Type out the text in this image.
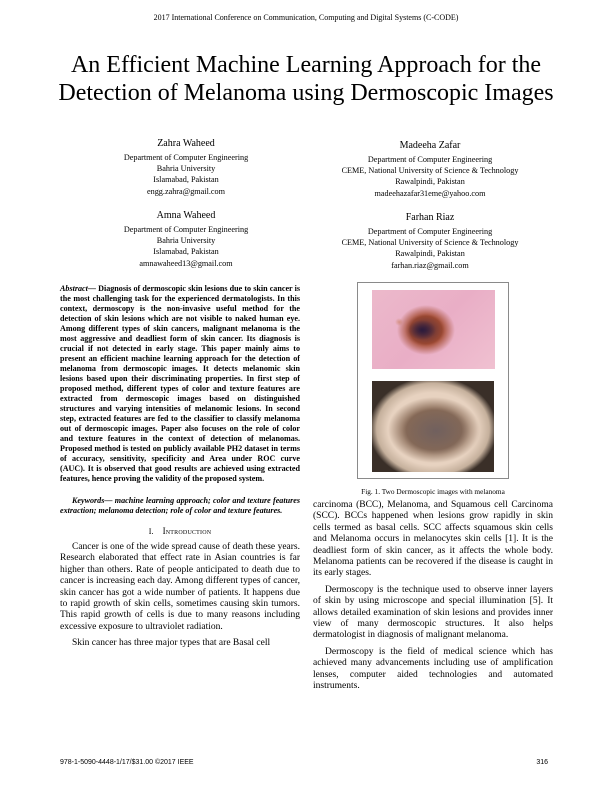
2017 International Conference on Communication, Computing and Digital Systems (C-CODE)
An Efficient Machine Learning Approach for the
Detection of Melanoma using Dermoscopic Images
Zahra Waheed
Department of Computer Engineering
Bahria University
Islamabad, Pakistan
engg.zahra@gmail.com
Amna Waheed
Department of Computer Engineering
Bahria University
Islamabad, Pakistan
amnawaheed13@gmail.com
Madeeha Zafar
Department of Computer Engineering
CEME, National University of Science & Technology
Rawalpindi, Pakistan
madeehazafar31eme@yahoo.com
Farhan Riaz
Department of Computer Engineering
CEME, National University of Science & Technology
Rawalpindi, Pakistan
farhan.riaz@gmail.com

Abstract— Diagnosis of dermoscopic skin lesions due to skin cancer is the most challenging task for the experienced dermatologists. In this context, dermoscopy is the non-invasive useful method for the detection of skin lesions which are not visible to naked human eye. Among different types of skin cancers, malignant melanoma is the most aggressive and deadliest form of skin cancer. Its diagnosis is crucial if not detected in early stage. This paper mainly aims to present an efficient machine learning approach for the detection of melanoma from dermoscopic images. It detects melanomic skin lesions based upon their discriminating properties. In first step of proposed method, different types of color and texture features are extracted from dermoscopic images based on distinguished structures and varying intensities of melanomic lesions. In second step, extracted features are fed to the classifier to classify melanoma out of dermoscopic images. Paper also focuses on the role of color and texture features in the context of detection of melanomas. Proposed method is tested on publicly available PH2 dataset in terms of accuracy, sensitivity, specificity and Area under ROC curve (AUC). It is observed that good results are achieved using extracted features, hence proving the validity of the proposed system.

Keywords— machine learning approach; color and texture features extraction; melanoma detection; role of color and texture features.

I. Introduction

Cancer is one of the wide spread cause of death these years. Research elaborated that effect rate in Asian countries is far higher than others. Rate of people anticipated to death due to cancer is increasing each day. Among different types of cancer, skin cancer has got a wide number of patients. It happens due to rapid growth of skin cells, sometimes causing skin tumors. This rapid growth of cells is due to many reasons including excessive exposure to ultraviolet radiation.

Skin cancer has three major types that are Basal cell

Fig. 1. Two Dermoscopic images with melanoma

carcinoma (BCC), Melanoma, and Squamous cell Carcinoma (SCC). BCCs happened when lesions grow rapidly in skin cells termed as basal cells. SCC affects squamous skin cells and Melanoma occurs in melanocytes skin cells [1]. It is the deadliest form of skin cancer, as it affects the whole body. Melanoma patients can be recovered if the disease is caught in its early stages.

Dermoscopy is the technique used to observe inner layers of skin by using microscope and special illumination [5]. It allows detailed examination of skin lesions and provides inner view of many dermoscopic structures. It also helps dermatologist in diagnosis of malignant melanoma.

Dermoscopy is the field of medical science which has achieved many advancements including use of amplification lenses, computer aided technologies and automated instruments.

978-1-5090-4448-1/17/$31.00 ©2017 IEEE	316
